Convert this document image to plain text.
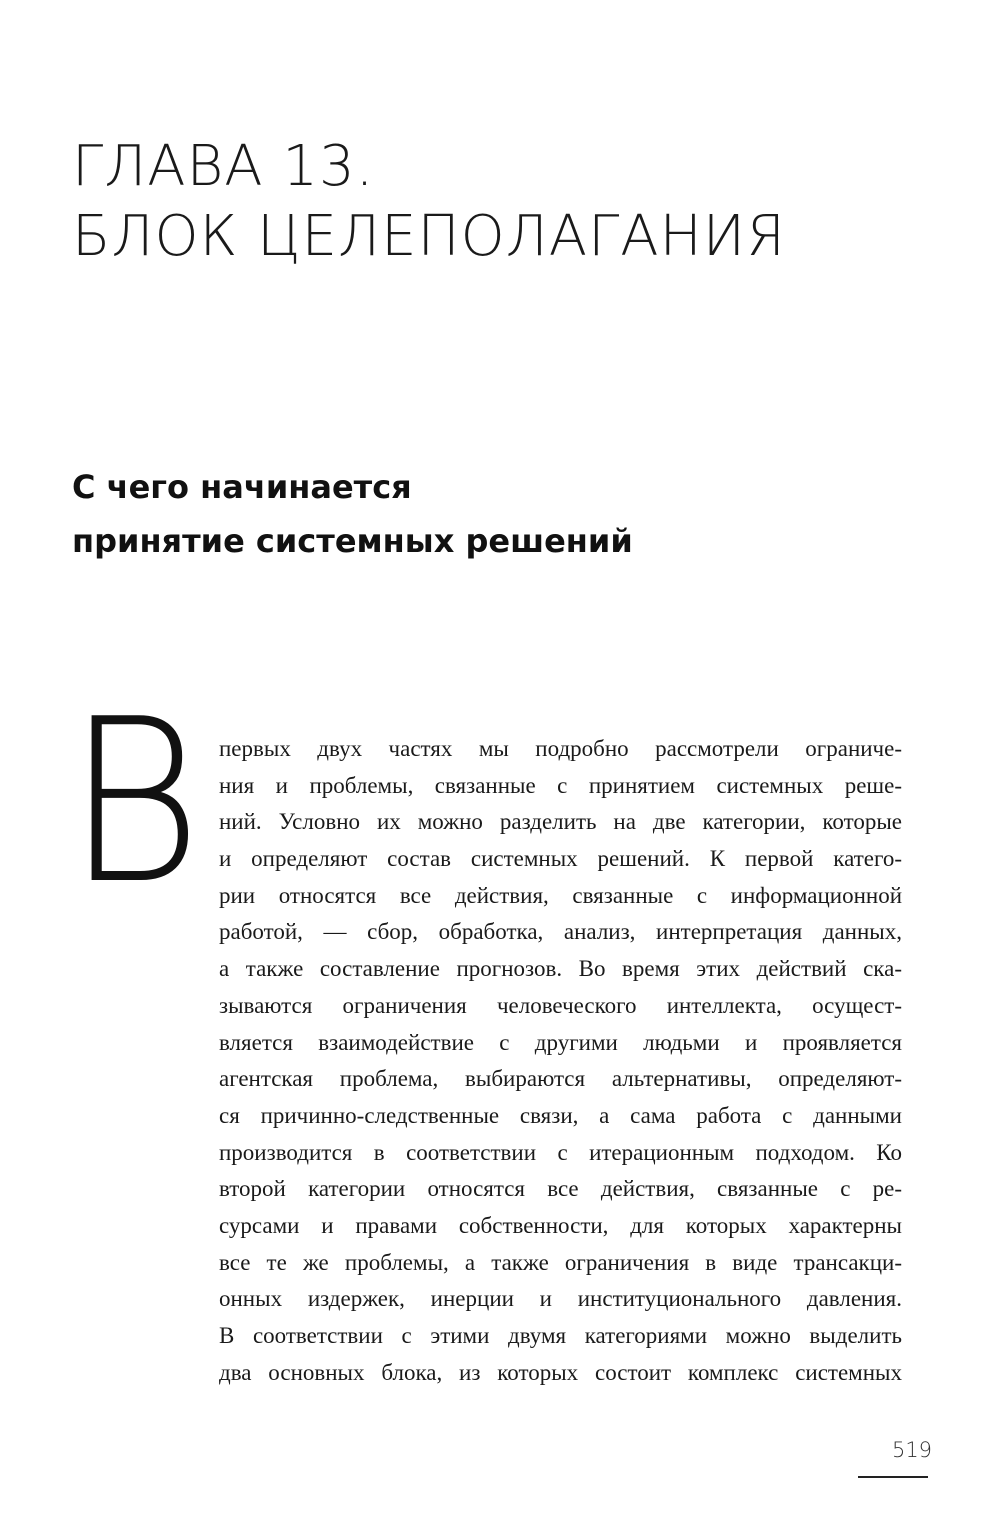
ГЛАВА 13.
БЛОК ЦЕЛЕПОЛАГАНИЯ
С чего начинается
принятие системных решений
В первых двух частях мы подробно рассмотрели ограниче-
ния и проблемы, связанные с принятием системных реше-
ний. Условно их можно разделить на две категории, которые
и определяют состав системных решений. К первой катего-
рии относятся все действия, связанные с информационной
работой, — сбор, обработка, анализ, интерпретация данных,
а также составление прогнозов. Во время этих действий ска-
зываются ограничения человеческого интеллекта, осущест-
вляется взаимодействие с другими людьми и проявляется
агентская проблема, выбираются альтернативы, определяют-
ся причинно-следственные связи, а сама работа с данными
производится в соответствии с итерационным подходом. Ко
второй категории относятся все действия, связанные с ре-
сурсами и правами собственности, для которых характерны
все те же проблемы, а также ограничения в виде трансакци-
онных издержек, инерции и институционального давления.
В соответствии с этими двумя категориями можно выделить
два основных блока, из которых состоит комплекс системных
519
